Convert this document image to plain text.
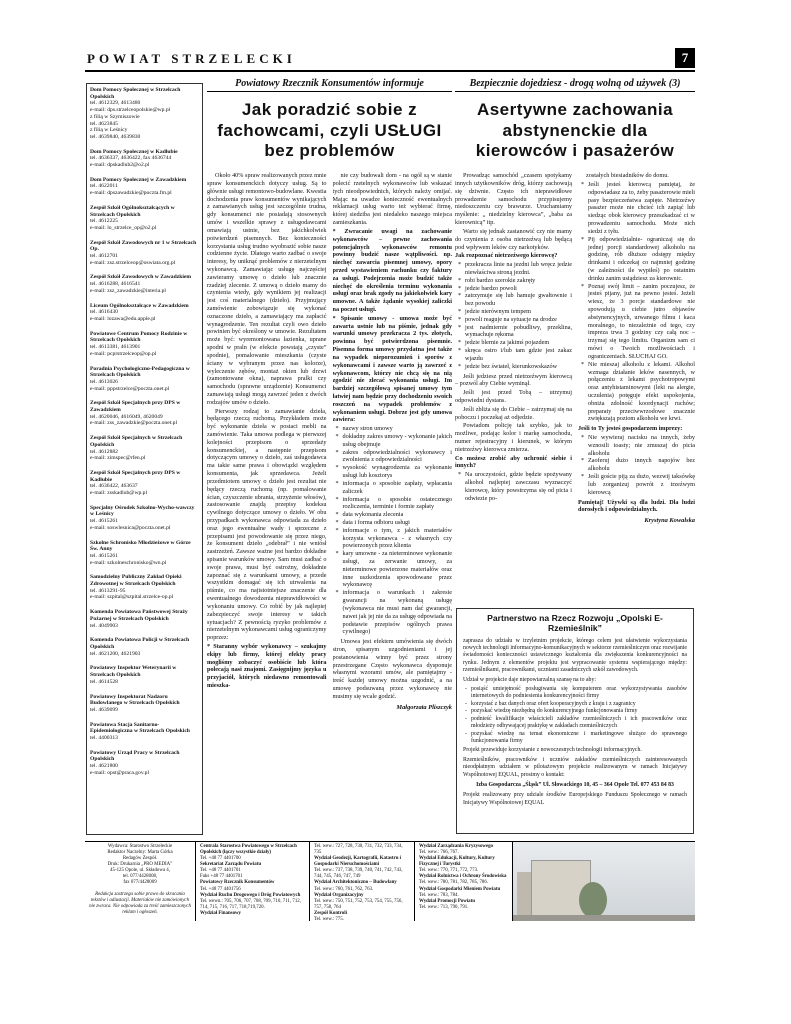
POWIAT STRZELECKI	7
Dom Pomocy Społecznej w Strzelcach Opolskich
tel. 4612329, 4613480
e-mail: dps.strzelceopolskie@wp.pl
z filią w Szymiszowie
tel. 4623845
z filią w Leśnicy
tel. 4639840, 4639830
Dom Pomocy Społecznej w Kadłubie
tel. 4636337, 4636422, fax 4636744
e-mail: dpskadlub2@o2.pl
Dom Pomocy Społecznej w Zawadzkiem
tel. 4622011
e-mail: dpszawadzkie@poczta.fm.pl
Zespół Szkół Ogólnokształcących w Strzelcach Opolskich
tel. 4612225
e-mail: lo_strzelce_op@o2.pl
Zespół Szkół Zawodowych nr 1 w Strzelcach Op.
tel. 4612701
e-mail: zsz.strzelceop@oswiata.org.pl
Zespół Szkół Zawodowych w Zawadzkiem
tel. 4616288, 4616541
e-mail: zsz_zawadzkie@interia.pl
Liceum Ogólnokształcące w Zawadzkiem
tel. 4616430
e-mail: lozawa@edu.apple.pl
Powiatowe Centrum Pomocy Rodzinie w Strzelcach Opolskich
tel. 4613381, 4613901
e-mail: pcprstrzelceop@op.pl
Poradnia Psychologiczno-Pedagogiczna w Strzelcach Opolskich
tel. 4613026
e-mail: pppstrzelce@poczta.onet.pl
Zespół Szkół Specjalnych przy DPS w Zawadzkiem
tel. 4620046, 4616049, 4620049
e-mail: zss_zawadzkie@poczta.onet.pl
Zespół Szkół Specjalnych w Strzelcach Opolskich
tel. 4612882
e-mail: zimspec@rfen.pl
Zespół Szkół Specjalnych przy DPS w Kadłubie
tel. 4636422, 463637
e-mail: zsskadlub@wp.pl
Specjalny Ośrodek Szkolno-Wycho-wawczy w Leśnicy
tel. 4615261
e-mail: soswlesnica@poczta.onet.pl
Szkolne Schronisko Młodzieżowe w Górze Św. Anny
tel. 4615261
e-mail: szkolneschronisko@wn.pl
Samodzielny Publiczny Zakład Opieki Zdrowotnej w Strzelcach Opolskich
tel. 4613291-95
e-mail: szpital@szpital.strzelce-op.pl
Komenda Powiatowa Państwowej Straży Pożarnej w Strzelcach Opolskich
tel. 4049903
Komenda Powiatowa Policji w Strzelcach Opolskich
tel. 4621200, 4621903
Powiatowy Inspektor Weterynarii w Strzelcach Opolskich
tel. 4614528
Powiatowy Inspektorat Nadzoru Budowlanego w Strzelcach Opolskich
tel. 4639099
Powiatowa Stacja Sanitarno-Epidemiologiczna w Strzelcach Opolskich
tel. 4400313
Powiatowy Urząd Pracy w Strzelcach Opolskich
tel. 4621800
e-mail: opst@praca.gov.pl
Powiatowy Rzecznik Konsumentów informuje
Jak poradzić sobie z fachowcami, czyli USŁUGI bez problemów

Około 40% spraw realizowanych przez mnie spraw konsumenckich dotyczy usług. Są to głównie usługi remontowo-budowlane. Kwestia dochodzenia praw konsumentów wynikających z zamawianych usług jest szczególnie trudna, gdy konsumenci nie posiadają stosownych umów i wszelkie sprawy z usługodawcami omawiają ustnie, bez jakichkolwiek potwierdzeń pisemnych. Bez konieczności korzystania usług trudno wyobrazić sobie nasze codzienne życie. Dlatego warto zadbać o swoje interesy, by uniknąć problemów z nierzetelnym wykonawcą. Zamawiając usługę najczęściej zawieramy umowę o dzieło lub znacznie rzadziej zlecenie. Z umową o dzieło mamy do czynienia wtedy, gdy wynikiem jej realizacji jest coś materialnego (dzieło). Przyjmujący zamówienie zobowiązuje się wykonać oznaczone dzieło, a zamawiający ma zapłacić wynagrodzenie. Ten rezultat czyli owo dzieło powinien być określony w umowie. Rezultatem może być: wyremontowana łazienka, uprane spodni w praln (w efekcie powstają „czyste” spodnie), pomalowanie mieszkania (czyste ściany w wybranym przez nas kolorze), wyleczenie zębów, montaż okien lub drzwi (zamontowane okna), naprawa pralki czy samochodu (sprawne urządzenie) Konsumenci zamawiają usługi mogą zawrzeć jeden z dwóch rodzajów umów o dzieło.

Pierwszy rodzaj to zamawianie dzieła, będącego rzeczą ruchomą. Przykładem może być wykonanie dzieła w postaci mebli na zamówienie. Taka umowa podlega w pierwszej kolejności przepisom o sprzedaży konsumenckiej, a następnie przepisom dotyczącym umowy o dzieło, zaś usługodawca ma takie same prawa i obowiązki względem konsumenta, jak sprzedawca. Jeżeli przedmiotem umowy o dzieło jest rezultat nie będący rzeczą ruchomą (np. pomalowanie ścian, czyszczenie ubrania, strzyżenie włosów), zastosowanie znajdą przepisy kodeksu cywilnego dotyczące umowy o dzieło. W obu przypadkach wykonawca odpowiada za dzieło oraz jego ewentualne wady i sprzeczne z przepisami jest powodowanie się przez niego, że konsument dzieło „odebrał” i nie wniósł zastrzeżeń. Zawsze ważne jest bardzo dokładne spisanie warunków umowy. Sam musi zadbać o swoje prawa, musi być ostrożny, dokładnie zapoznać się z warunkami umowy, a przede wszystkim domagać się ich utrwalenia na piśmie, co ma najistotniejsze znaczenie dla ewentualnego dowodzenia nieprawidłowości w wykonaniu umowy. Co robić by jak najlepiej zabezpieczyć swoje interesy w takich sytuacjach? Z pewnością ryzyko problemów z nierzetelnym wykonawcami usług ograniczymy poprzez:

* Staranny wybór wykonawcy – szukajmy ekipy lub firmy, której efekty pracy mogliśmy zobaczyć osobiście lub która polecają nasi znajomi. Zasięgnijmy języka u przyjaciół, których niedawno remontowali mieszka-

nie czy budowali dom - na ogół są w stanie polecić rzetelnych wykonawców lub wskazać tych nieodpowiednich, których należy omijać. Mając na uwadze konieczność ewentualnych reklamacji usług warto też wybierać firmę, której siedziba jest niedaleko naszego miejsca zamieszkania.

* Zwracanie uwagi na zachowanie wykonawców – pewne zachowania potencjalnych wykonawców remontu powinny budzić nasze wątpliwości. np. niechęć zawarcia pisemnej umowy, opory przed wystawieniem rachunku czy faktury za usługi. Podejrzenia może budzić także niechęć do określenia terminu wykonania usługi oraz brak zgody na jakiekolwiek kary umowne. A także żądanie wysokiej zaliczki na poczet usługi.

* Spisanie umowy - umowa może być zawarta ustnie lub na piśmie, jednak gdy warunki umowy przekracza 2 tys. złotych, powinna być potwierdzona pisemnie. Pisemna forma umowy przydatna jest także na wypadek nieporozumień i sporów z wykonawcami i zawsze warto ją zawrzeć z wykonawcom, którzy nie chcą się na nią zgodzić nie zlecać wykonania usługi. Im bardziej szczegółową spisanej umowy tym łatwiej nam będzie przy dochodzeniu swoich roszczeń na wypadek problemów z wykonaniem usługi. Dobrze jest gdy umowa zawiera:

* nazwy stron umowy
* dokładny zakres umowy - wykonanie jakich usług obejmuje
* zakres odpowiedzialności wykonawcy i zwolnienia z odpowiedzialności
* wysokość wynagrodzenia za wykonanie usługi lub kosztorys
* informacja o sposobie zapłaty, wpłacania zaliczek
* informacja o sposobie ostatecznego rozliczenia, terminie i formie zapłaty
* data wykonania zlecenia
* data i forma odbioru usługi
* informacje o tym, z jakich materiałów korzysta wykonawca - z własnych czy powierzonych przez klienta
* kary umowne - za nieterminowe wykonanie usługi, za zerwanie umowy, za nieterminowe powierzone materiałów oraz inne uszkodzenia spowodowane przez wykonawcę
* informacja o warunkach i zakresie gwarancji na wykonaną usługę (wykonawca nie musi nam dać gwarancji, nawet jak jej nie da za usługę odpowiada na podstawie przepisów ogólnych prawa cywilnego)

Umowa jest efektem umówienia się dwóch stron, spisanym uzgodnieniami i jej postanowienia winny być przez strony przestrzegane Często wykonawca dysponuje własnymi wzorami umów, ale pamiętajmy - treść każdej umowy można uzgodnić, a na umowę podsuwaną przez wykonawcę nie musimy się wcale godzić.

Małgorzata Pliszczyk
Bezpiecznie dojedziesz - drogą wolną od używek (3)
Asertywne zachowania abstynenckie dla kierowców i pasażerów

Prowadząc samochód „czasem spotykamy innych użytkowników dróg, którzy zachowują się dziwnie. Często ich nieprawidłowe prowadzenie samochodu przypisujemy niedoszczeniu czy brawurze. Uruchamiamy myślenie: „ niedzielny kierowca”, „baba za kierownicą” itp.

Warto się jednak zastanowić czy nie mamy do czynienia z osoba nietrzeźwą lub będącą pod wpływem leków czy narkotyków.

Jak rozpoznać nietrzeźwego kierowcę?

* przekracza linie na jezdni lub wręcz jedzie niewłaściwa stroną jezdni.
* robi bardzo szerokie zakręty
* jedzie bardzo powoli
* zatrzymuje się lub hamuje gwałtownie i bez powodu
* jedzie nierównym tempem
* powoli reaguje na sytuacje na drodze
* jest nadmiernie pobudliwy, przeklina, wymachuje rękoma
* jedzie blernie za jakimś pojazdem
* skręca ostro i/lub tam gdzie jest zakaz wjazdu
* jedzie bez świateł, kierunkowskazów

Jeśli jedziesz przed nietrzeźwym kierowcą – pozwól aby Ciebie wyminął.

Jeśli jest przed Tobą – utrzymuj odpowiedni dystans.

Jeśli zbliża się do Ciebie – zatrzymaj się na poboczu i poczekaj aż odjedzie.

Powiadom policję tak szybko, jak to możliwe, podając kolor i markę samochodu, numer rejestracyjny i kierunek, w którym nietrzeźwy kierowca zmierza.

Co możesz zrobić aby uchronić siebie i innych?

* Na uroczystości, gdzie będzie spożywany alkohol najlepiej zawczasu wyznaczyć kierowcę, który powstrzyma się od picia i odwiezie po-

zostałych biesiadników do domu.

* Jeśli jesteś kierowcą pamiętaj, że odpowiadasz za to, żeby pasażerowie mieli pasy bezpieczeństwa zapięte. Nietrzeźwy pasażer może nie chcieć ich zapiąć lub siedząc obok kierowcy przeszkadzać ci w prowadzeniu samochodu. Może nich siedzi z tyłu.
* Pij odpowiedzialnie- ograniczaj się do jednej porcji standardowej alkoholu na godzinę, rób dłuższe odstępy między drinkami i odczekaj co najmniej godzinę (w zależności ile wypiłeś) po ostatnim drinku zanim usiądziesz za kierownic.
* Poznaj swój limit – zanim poczujesz, że jesteś pijany, już na pewno jesteś. Jeżeli wiesz, że 3 porcje standardowe nie spowodują u ciebie jutro objawów abstynencyjnych, urwanego filmu i kaca moralnego, to niezależnie od tego, czy impreza trwa 3 godziny czy całą noc – trzymaj się tego limitu. Organizm sam ci mówi o Twoich możliwościach i ograniczeniach. SŁUCHAJ GO.
* Nie mieszaj alkoholu z lekami. Alkohol wzmaga działanie leków nasennych, w połączeniu z lekami psychotropowymi oraz antyhistaminowymi (leki na alergie, uczulenia) potęguje efekt uspokojenia, obniża zdolność koordynacji ruchów; preparaty przeciwwrzodowe znacznie zwiększają poziom alkoholu we krwi.

Jeśli to Ty jesteś gospodarzem imprezy:

* Nie wywieraj nacisku na innych, żeby wznosili toasty; nie zmuszaj do picia alkoholu
* Zaoferuj dużo innych napojów bez alkoholu
* Jeśli goście piją za dużo, wezwij taksówkę lub zorganizuj powrót z trzeźwym kierowcą

Pamiętaj! Używki są dla ludzi. Dla ludzi dorosłych i odpowiedzialnych.

Krystyna Kowalska
Partnerstwo na Rzecz Rozwoju „Opolski E-Rzemieślnik”

zaprasza do udziału w trzyletnim projekcie, którego celem jest ułatwienie wykorzystania nowych technologii informacyjno-komunikacyjnych w sektorze rzemieślniczym oraz rozwijanie świadomości konieczności ustawicznego kształcenia dla zwiększenia konkurencyjności na rynku. Jednym z elementów projektu jest wypracowanie systemu wspierającego między: rzemieślnikami, pracownikami, uczniami zasadniczych szkół zawodowych.

Udział w projekcie daje niepowtarzalną szansę na to aby:

- posiąść umiejętność posługiwania się komputerem oraz wykorzystywania zasobów internetowych do podniesienia konkurencyjności firmy
- korzystać z baz danych oraz ofert kooperacyjnych z kraju i z zagranicy
- pozyskać wiedzę niezbędną do konkurencyjnego funkcjonowania firmy
- podnieść kwalifikacje właścicieli zakładów rzemieślniczych i ich pracowników oraz młodzieży odbywającej praktykę w zakładach rzemieślniczych
- pozyskać wiedzę na temat ekonomiczne i marketingowe służące do sprawnego funkcjonowania firmy

Projekt przewiduje korzystanie z nowoczesnych technologii informacyjnych.

Rzemieślników, pracowników i uczniów zakładów rzemieślniczych zainteresowanych nieodpłatnym udziałem w pilotażowym projekcie realizowanym w ramach Inicjatywy Wspólnotowej EQUAL, prosimy o kontakt:

Izba Gospodarcza „Śląsk” Ul. Słowackiego 10, 45 – 364 Opole Tel. 077 453 84 83

Projekt realizowany przy udziale środków Europejskiego Funduszu Społecznego w ramach Inicjatywy Wspólnotowej EQUAL

Wydawca: Starostwo Strzeleckie
Redaktor Naczelny: Marta Górka
Redagów Zespół.
Druk: Drukarnia „PRO MEDIA”
45-125 Opole, ul. Składowa 4,
tel. 077/4428008,
fax 077/4428009
Redakcja zastrzega sobie prawo do skracania tekstów i adiustacji. Materiałów nie zamówionych nie zwraca. Nie odpowiada za treść zamieszczonych reklam i ogłoszeń.
Centrala Starostwa Powiatowego w Strzelcach Opolskich (łączy wszystkie działy)
Tel. +48 77 4401700
Sekretariat Zarządu Powiatu
Tel. +48 77 4401701
Faks +48 77 4401701
Powiatowy Rzecznik Konsumentów
Tel. +48 77 4401756
Wydział Ruchu Drogowego i Dróg Powiatowych
Tel. wewn.: 705, 706, 707, 708, 709, 710, 711, 712, 714, 715, 716, 717, 718,719,720.
Wydział Finansowy
Tel. wew.: 727, 728, 730, 731, 732, 733, 734, 735
Wydział Geodezji, Kartografii, Katastru i Gospodarki Nieruchomościami
Tel. wew.: 737, 738, 739, 740, 741, 742, 743, 744, 745, 746, 747, 749
Wydział Architektoniczno – Budowlany
Tel. wew.: 760, 761, 762, 763.
Wydział Organizacyjny
Tel. wew.: 750, 751, 752, 753, 754, 755, 756, 757, 758, 764
Zespół Kontroli
Tel. wew.: 775.
Wydział Zarządzania Kryzysowego
Tel. wew.: 766, 767.
Wydział Edukacji, Kultury, Kultury Fizycznej i Turystki
Tel. wew.: 770, 771, 772, 773.
Wydział Rolnictwa i Ochrony Środowiska
Tel. wew.: 780, 781, 782, 785, 786.
Wydział Gospodarki Mieniem Powiatu
Tel. wew.: 783, 784.
Wydział Promocji Powiatu
Tel. wew.: 713, 790, 791.
